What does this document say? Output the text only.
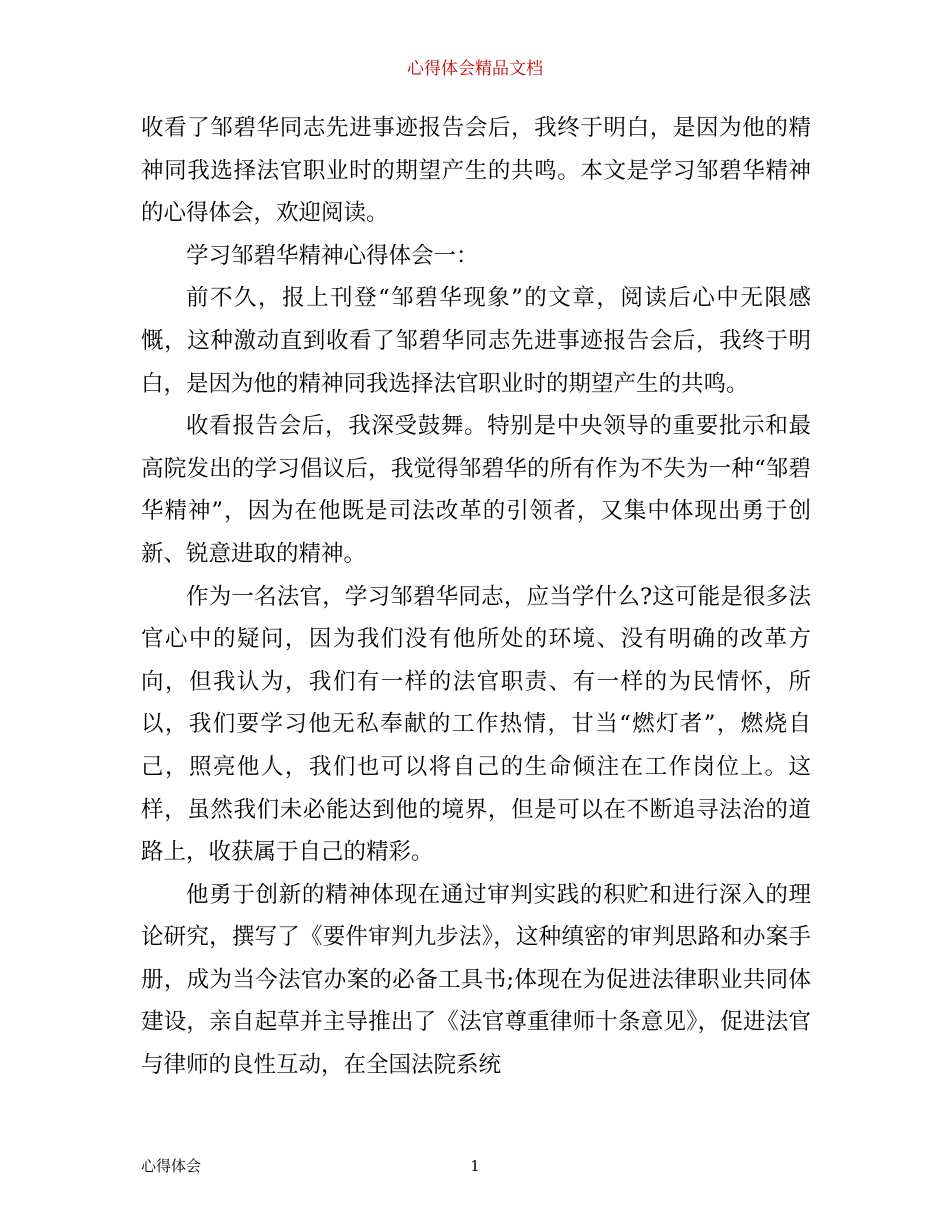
心得体会精品文档

收看了邹碧华同志先进事迹报告会后，我终于明白，是因为他的精神同我选择法官职业时的期望产生的共鸣。本文是学习邹碧华精神的心得体会，欢迎阅读。

学习邹碧华精神心得体会一：

前不久，报上刊登“邹碧华现象”的文章，阅读后心中无限感慨，这种激动直到收看了邹碧华同志先进事迹报告会后，我终于明白，是因为他的精神同我选择法官职业时的期望产生的共鸣。

收看报告会后，我深受鼓舞。特别是中央领导的重要批示和最高院发出的学习倡议后，我觉得邹碧华的所有作为不失为一种“邹碧华精神”，因为在他既是司法改革的引领者，又集中体现出勇于创新、锐意进取的精神。

作为一名法官，学习邹碧华同志，应当学什么?这可能是很多法官心中的疑问，因为我们没有他所处的环境、没有明确的改革方向，但我认为，我们有一样的法官职责、有一样的为民情怀，所以，我们要学习他无私奉献的工作热情，甘当“燃灯者”，燃烧自己，照亮他人，我们也可以将自己的生命倾注在工作岗位上。这样，虽然我们未必能达到他的境界，但是可以在不断追寻法治的道路上，收获属于自己的精彩。

他勇于创新的精神体现在通过审判实践的积贮和进行深入的理论研究，撰写了《要件审判九步法》，这种缜密的审判思路和办案手册，成为当今法官办案的必备工具书;体现在为促进法律职业共同体建设，亲自起草并主导推出了《法官尊重律师十条意见》，促进法官与律师的良性互动，在全国法院系统

心得体会	1
